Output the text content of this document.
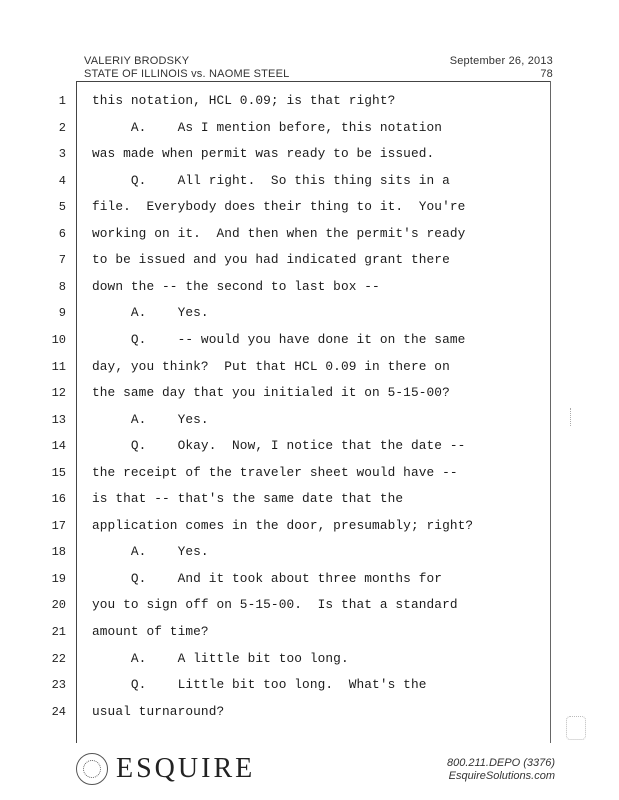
VALERIY BRODSKY
STATE OF ILLINOIS vs. NAOME STEEL
September 26, 2013
78
1 this notation, HCL 0.09; is that right?
2 A.    As I mention before, this notation
3 was made when permit was ready to be issued.
4 Q.    All right.  So this thing sits in a
5 file.  Everybody does their thing to it.  You're
6 working on it.  And then when the permit's ready
7 to be issued and you had indicated grant there
8 down the -- the second to last box --
9 A.    Yes.
10 Q.    -- would you have done it on the same
11 day, you think?  Put that HCL 0.09 in there on
12 the same day that you initialed it on 5-15-00?
13 A.    Yes.
14 Q.    Okay.  Now, I notice that the date --
15 the receipt of the traveler sheet would have --
16 is that -- that's the same date that the
17 application comes in the door, presumably; right?
18 A.    Yes.
19 Q.    And it took about three months for
20 you to sign off on 5-15-00.  Is that a standard
21 amount of time?
22 A.    A little bit too long.
23 Q.    Little bit too long.  What's the
24 usual turnaround?
ESQUIRE	800.211.DEPO (3376)
EsquireSolutions.com
